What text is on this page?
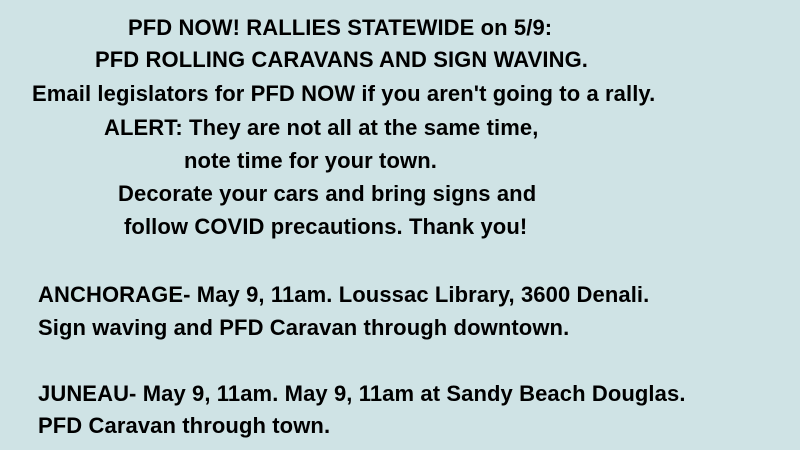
PFD NOW! RALLIES STATEWIDE on 5/9:
PFD ROLLING CARAVANS AND SIGN WAVING.
Email legislators for PFD NOW if you aren't going to a rally.
ALERT: They are not all at the same time,
note time for your town.
Decorate your cars and bring signs and
follow COVID precautions. Thank you!
ANCHORAGE- May 9, 11am. Loussac Library, 3600 Denali.
Sign waving and PFD Caravan through downtown.
JUNEAU- May 9, 11am. May 9, 11am at Sandy Beach Douglas.
PFD Caravan through town.
